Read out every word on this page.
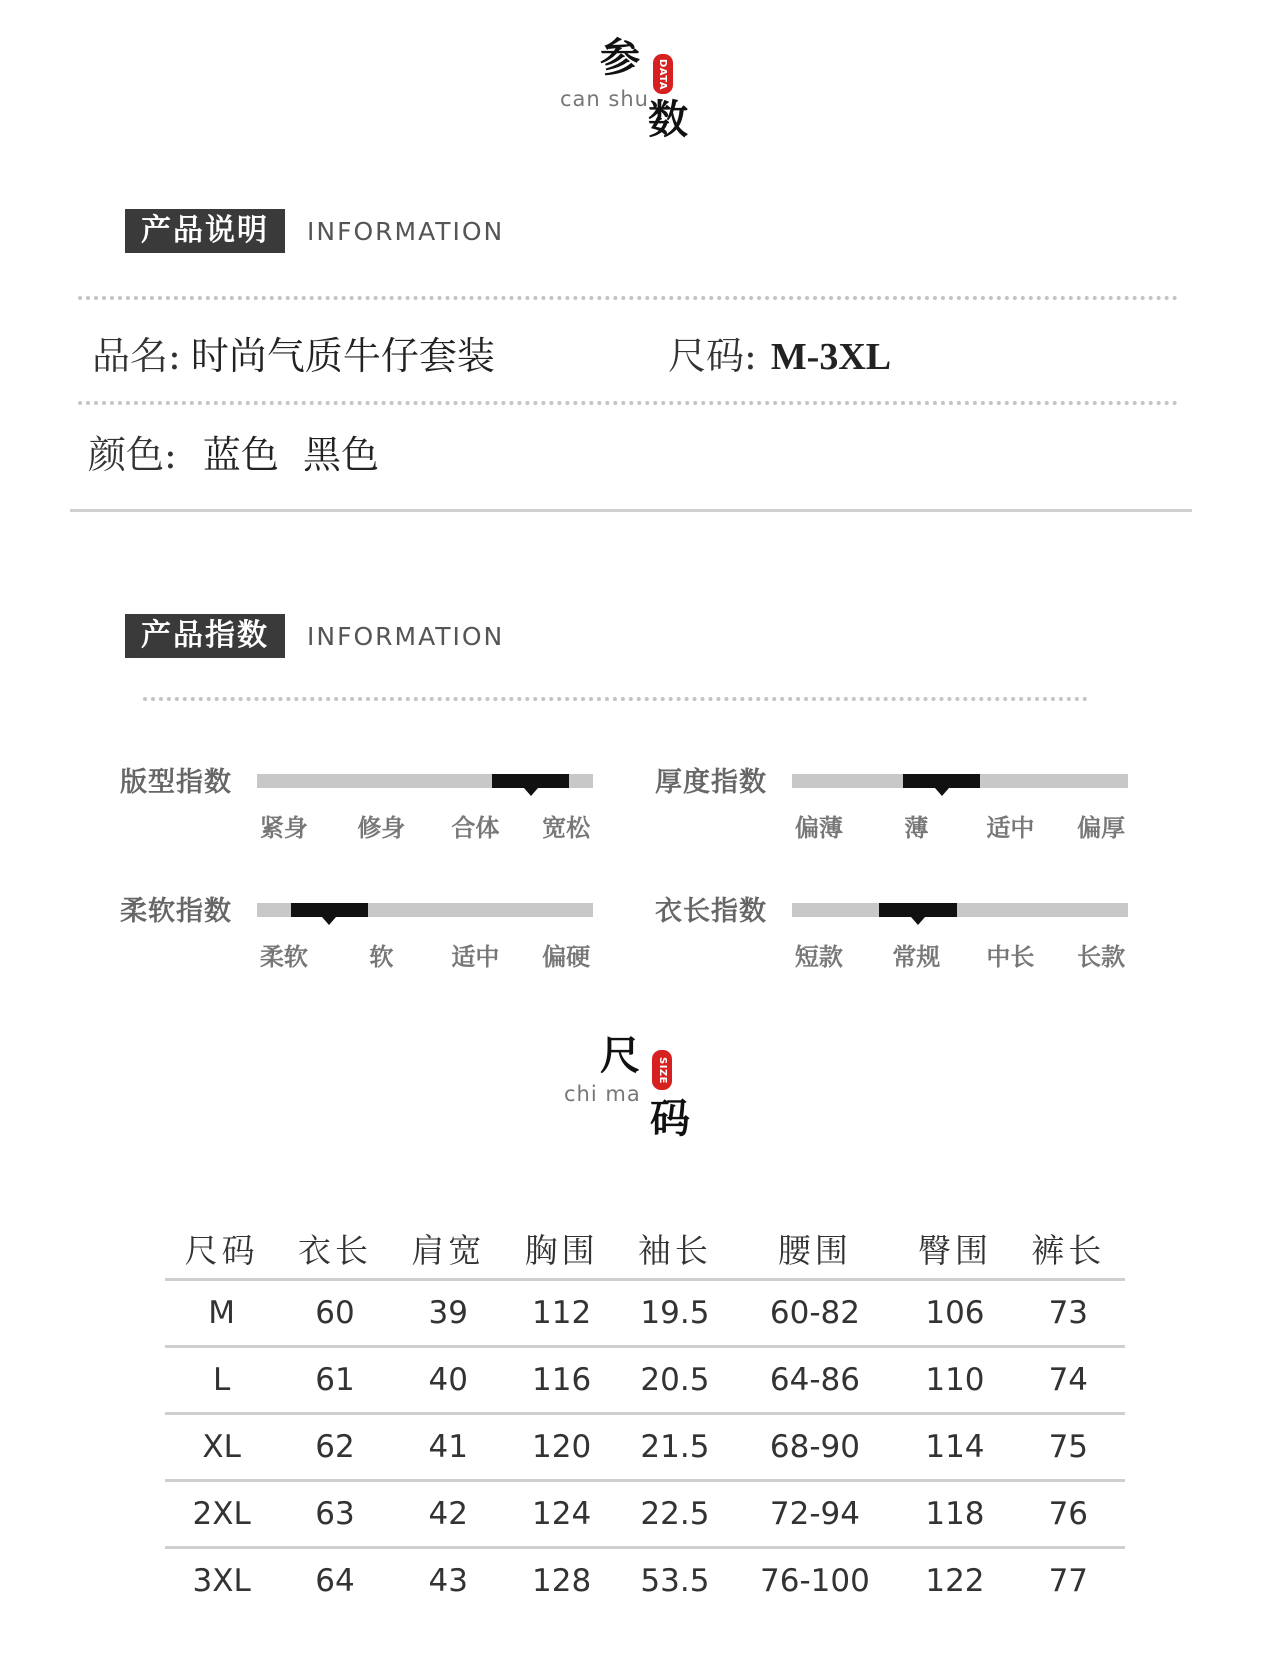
参 DATA
can shu 数
产品说明	INFORMATION
品名: 时尚气质牛仔套装	尺码: M-3XL
颜色: 蓝色  黑色
产品指数	INFORMATION
版型指数
紧身 修身 合体 宽松
厚度指数
偏薄	薄 适中 偏厚
柔软指数
柔软	软 适中 偏硬
衣长指数
短款 常规 中长 长款
尺 SIZE
chi ma
码
尺码	衣长	肩宽	胸围	袖长	腰围	臀围	裤长
M	60	39	112	19.5	60-82	106	73
L	61	40	116	20.5	64-86	110	74
XL	62	41	120	21.5	68-90	114	75
2XL	63	42	124	22.5	72-94	118	76
3XL	64	43	128	53.5	76-100	122	77
